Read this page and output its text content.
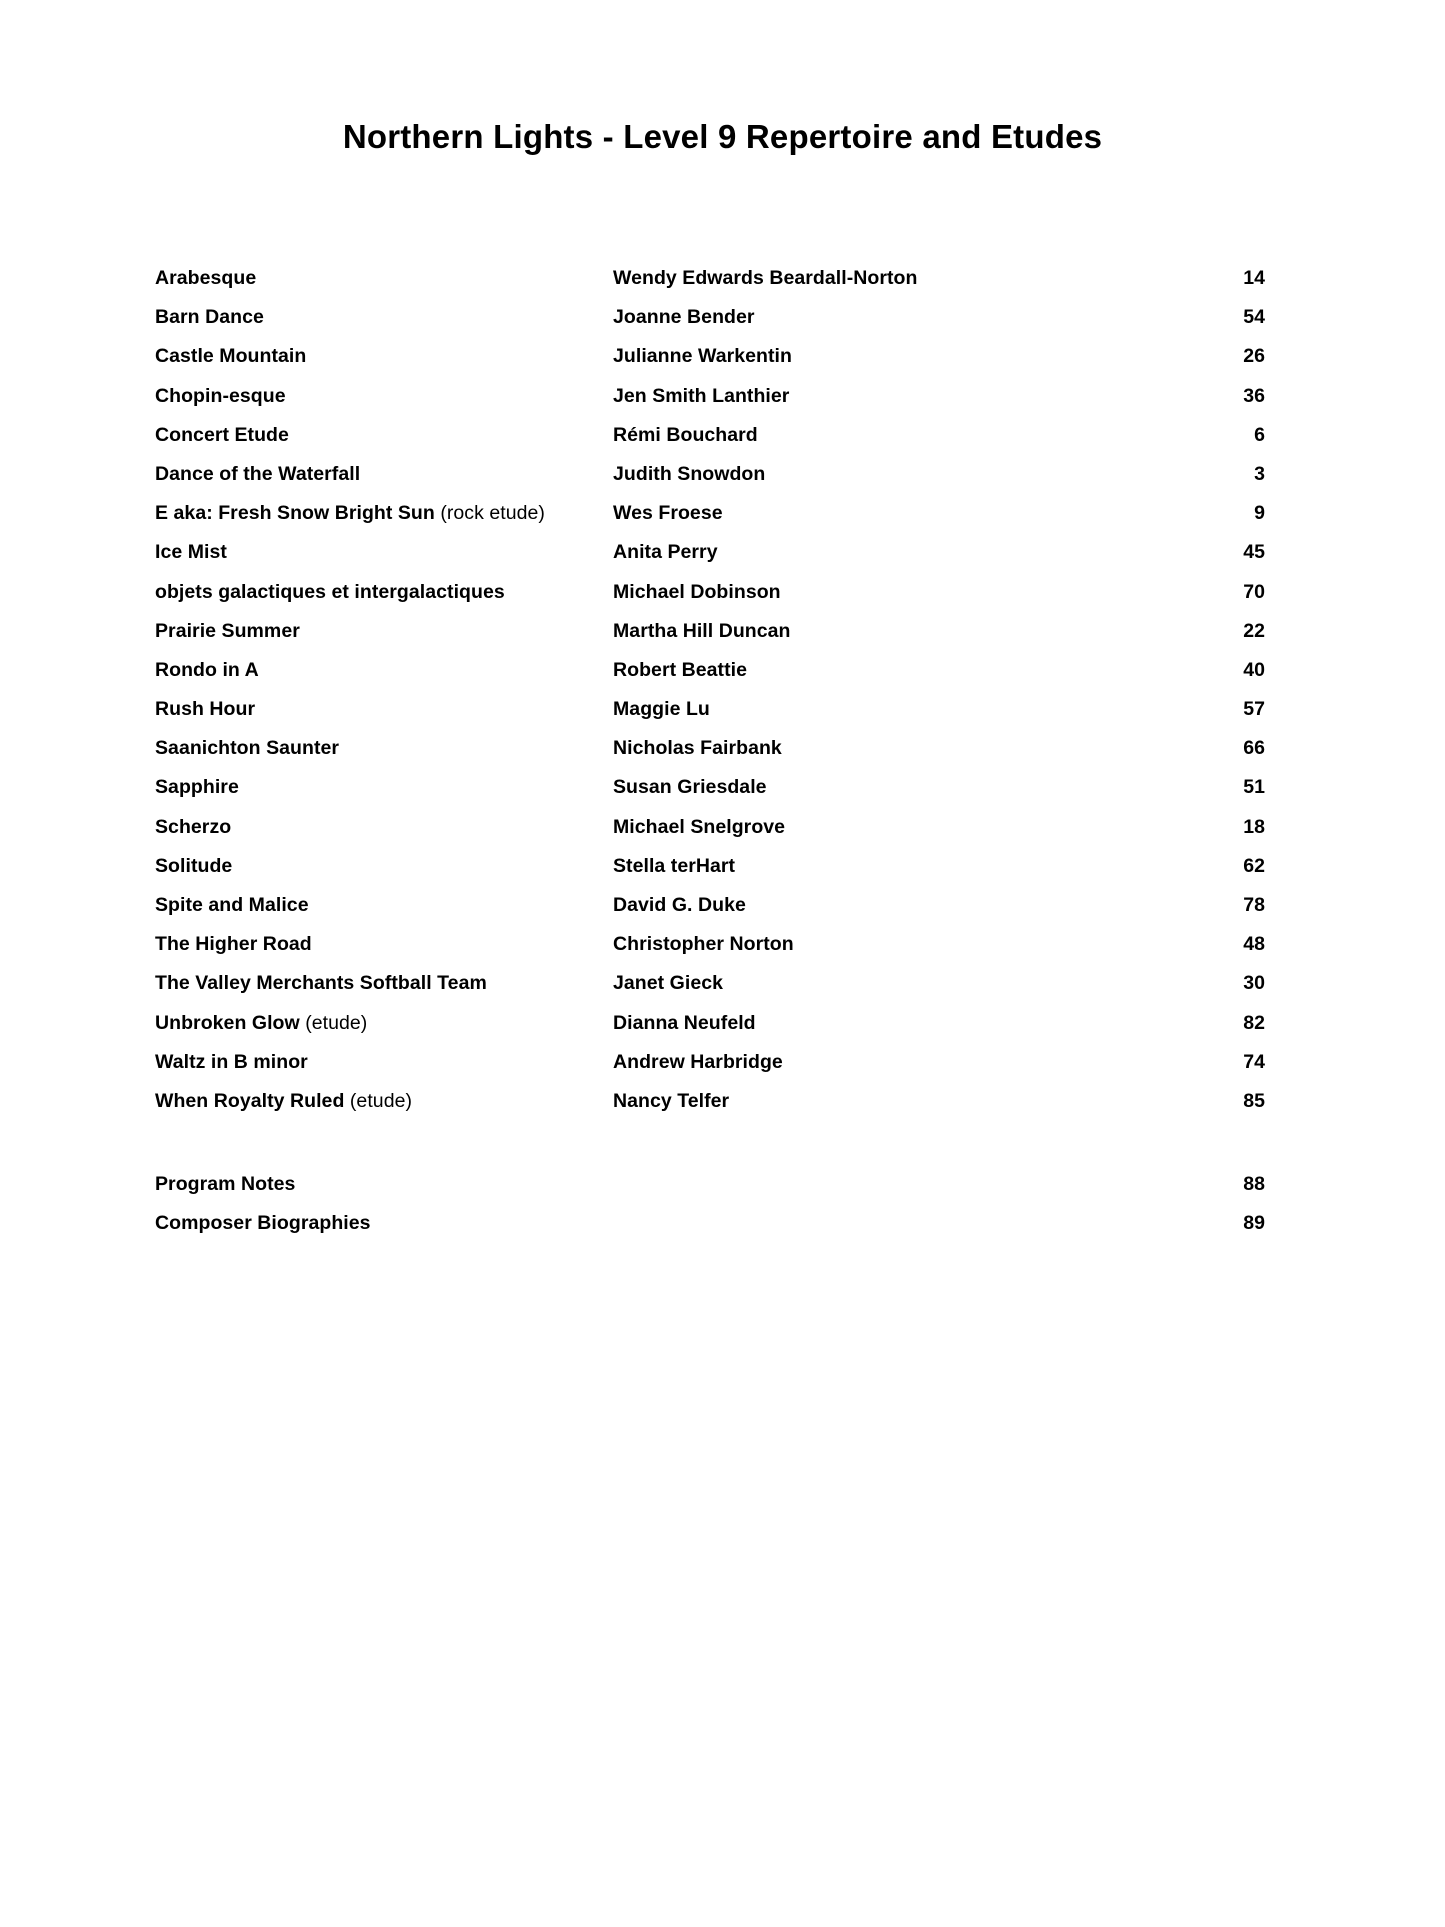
Northern Lights - Level 9 Repertoire and Etudes
Arabesque	Wendy Edwards Beardall-Norton	14
Barn Dance	Joanne Bender	54
Castle Mountain	Julianne Warkentin	26
Chopin-esque	Jen Smith Lanthier	36
Concert Etude	Rémi Bouchard	6
Dance of the Waterfall	Judith Snowdon	3
E aka: Fresh Snow Bright Sun (rock etude)	Wes Froese	9
Ice Mist	Anita Perry	45
objets galactiques et intergalactiques	Michael Dobinson	70
Prairie Summer	Martha Hill Duncan	22
Rondo in A	Robert Beattie	40
Rush Hour	Maggie Lu	57
Saanichton Saunter	Nicholas Fairbank	66
Sapphire	Susan Griesdale	51
Scherzo	Michael Snelgrove	18
Solitude	Stella terHart	62
Spite and Malice	David G. Duke	78
The Higher Road	Christopher Norton	48
The Valley Merchants Softball Team	Janet Gieck	30
Unbroken Glow (etude)	Dianna Neufeld	82
Waltz in B minor	Andrew Harbridge	74
When Royalty Ruled (etude)	Nancy Telfer	85
Program Notes	88
Composer Biographies	89
